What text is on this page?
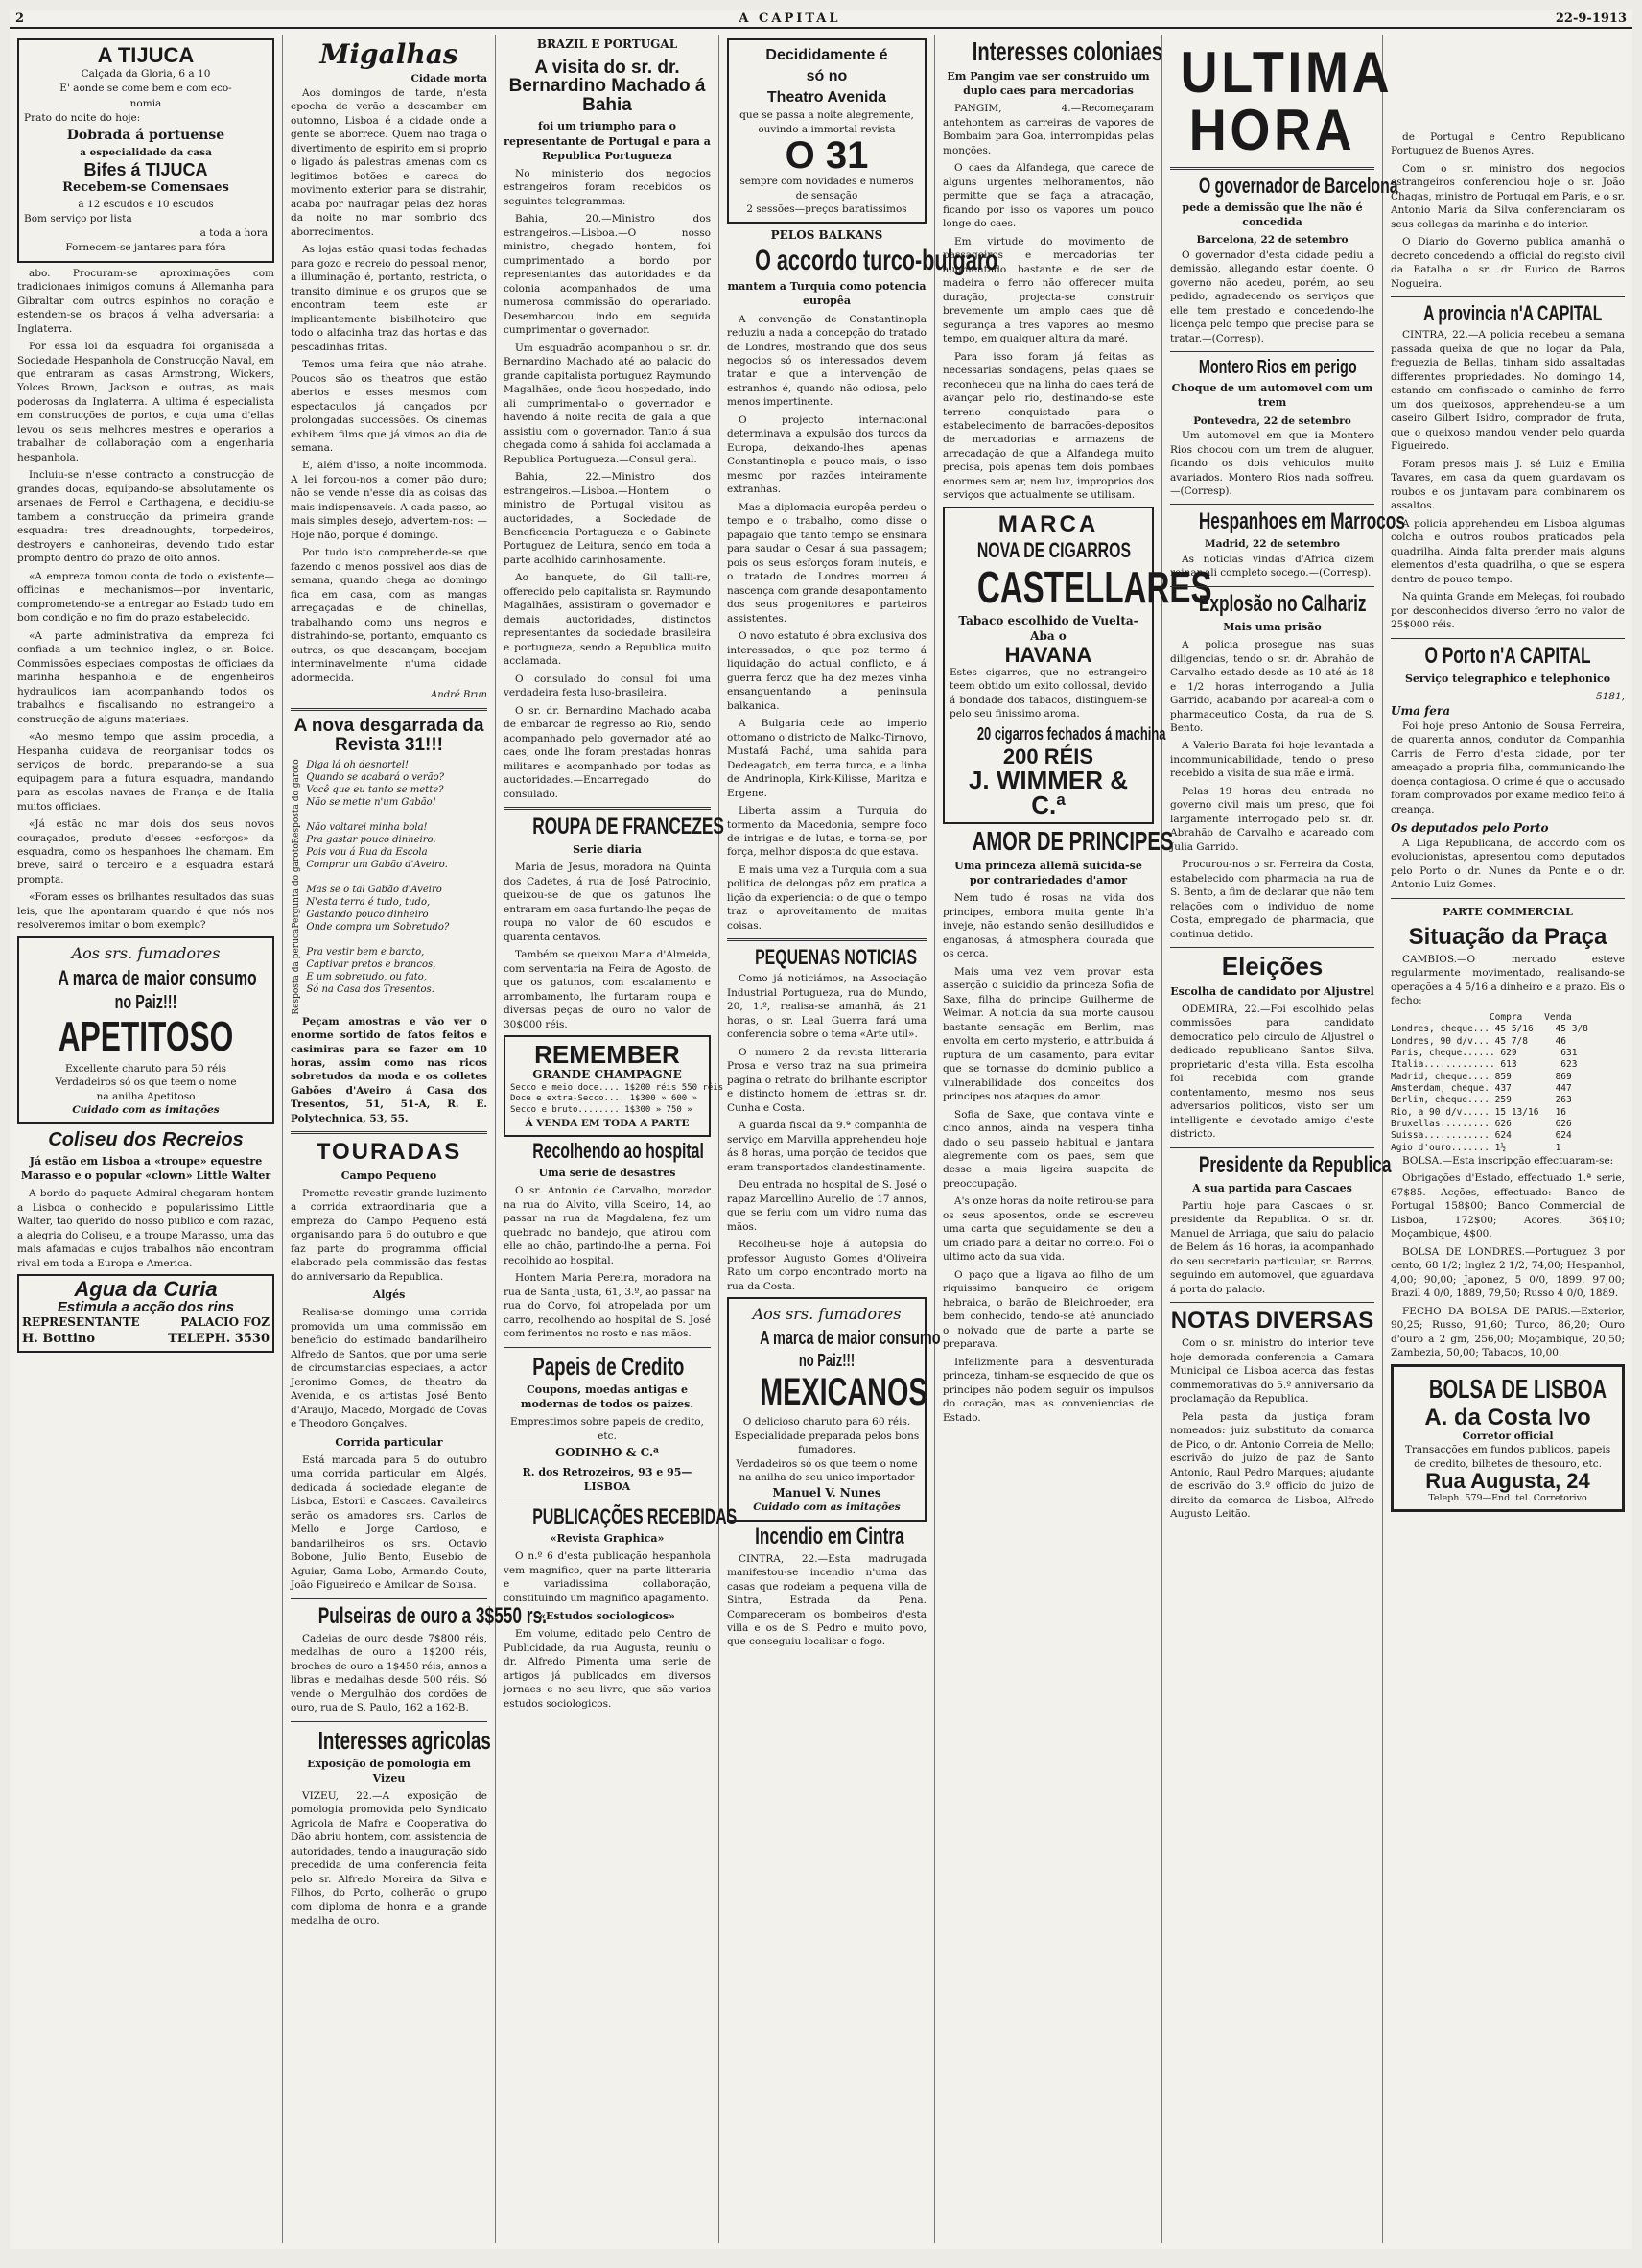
2	A CAPITAL	22-9-1913
A TIJUCA
Calçada da Gloria, 6 a 10
E' aonde se come bem e com eco-
nomia
Prato do noite do hoje:
Dobrada á portuense
a especialidade da casa
Bifes á TIJUCA
Recebem-se Comensaes
a 12 escudos e 10 escudos
Bom serviço por lista
a toda a hora
Fornecem-se jantares para fóra

abo. Procuram-se aproximações com tradicionaes inimigos comuns á Allemanha para Gibraltar com outros espinhos no coração e estendem-se os braços á velha adversaria: a Inglaterra.

Por essa loi da esquadra foi organisada a Sociedade Hespanhola de Construcção Naval, em que entraram as casas Armstrong, Wickers, Yolces Brown, Jackson e outras, as mais poderosas da Inglaterra. A ultima é especialista em construcções de portos, e cuja uma d'ellas levou os seus melhores mestres e operarios a trabalhar de collaboração com a engenharia hespanhola.

Incluiu-se n'esse contracto a construcção de grandes docas, equipando-se absolutamente os arsenaes de Ferrol e Carthagena, e decidiu-se tambem a construcção da primeira grande esquadra: tres dreadnoughts, torpedeiros, destroyers e canhoneiras, devendo tudo estar prompto dentro do prazo de oito annos.

«A empreza tomou conta de todo o existente—officinas e mechanismos—por inventario, comprometendo-se a entregar ao Estado tudo em bom condição e no fim do prazo estabelecido.

«A parte administrativa da empreza foi confiada a um technico inglez, o sr. Boice. Commissões especiaes compostas de officiaes da marinha hespanhola e de engenheiros hydraulicos iam acompanhando todos os trabalhos e fiscalisando no estrangeiro a construcção de alguns materiaes.

«Ao mesmo tempo que assim procedia, a Hespanha cuidava de reorganisar todos os serviços de bordo, preparando-se a sua equipagem para a futura esquadra, mandando para as escolas navaes de França e de Italia muitos officiaes.

«Já estão no mar dois dos seus novos couraçados, produto d'esses «esforços» da esquadra, como os hespanhoes lhe chamam. Em breve, sairá o terceiro e a esquadra estará prompta.

«Foram esses os brilhantes resultados das suas leis, que lhe apontaram quando é que nós nos resolveremos imitar o bom exemplo?

Aos srs. fumadores
A marca de maior consumo
no Paiz!!!
APETITOSO
Excellente charuto para 50 réis
Verdadeiros só os que teem o nome
na anilha Apetitoso
Cuidado com as imitações
Coliseu dos Recreios
Já estão em Lisboa a «troupe» equestre Marasso e o popular «clown» Little Walter

A bordo do paquete Admiral chegaram hontem a Lisboa o conhecido e popularissimo Little Walter, tão querido do nosso publico e com razão, a alegria do Coliseu, e a troupe Marasso, uma das mais afamadas e cujos trabalhos não encontram rival em toda a Europa e America.

Agua da Curia
Estimula a acção dos rins
REPRESENTANTE	PALACIO FOZ
H. Bottino	TELEPH. 3530
Migalhas
Cidade morta

Aos domingos de tarde, n'esta epocha de verão a descambar em outomno, Lisboa é a cidade onde a gente se aborrece. Quem não traga o divertimento de espirito em si proprio o ligado ás palestras amenas com os legitimos botões e careca do movimento exterior para se distrahir, acaba por naufragar pelas dez horas da noite no mar sombrio dos aborrecimentos.

As lojas estão quasi todas fechadas para gozo e recreio do pessoal menor, a illuminação é, portanto, restricta, o transito diminue e os grupos que se encontram teem este ar implicantemente bisbilhoteiro que todo o alfacinha traz das hortas e das pescadinhas fritas.

Temos uma feira que não atrahe. Poucos são os theatros que estão abertos e esses mesmos com espectaculos já cançados por prolongadas successões. Os cinemas exhibem films que já vimos ao dia de semana.

E, além d'isso, a noite incommoda. A lei forçou-nos a comer pão duro; não se vende n'esse dia as coisas das mais indispensaveis. A cada passo, ao mais simples desejo, advertem-nos: — Hoje não, porque é domingo.

Por tudo isto comprehende-se que fazendo o menos possivel aos dias de semana, quando chega ao domingo fica em casa, com as mangas arregaçadas e de chinellas, trabalhando como uns negros e distrahindo-se, portanto, emquanto os outros, os que descançam, bocejam interminavelmente n'uma cidade adormecida.

André Brun
A nova desgarrada da Revista 31!!!
Resposta da peruca
Pergunta do garoto
Resposta do garoto Diga lá oh desnortel!
Quando se acabará o verão?
Você que eu tanto se mette?
Não se mette n'um Gabão!

Não voltarei minha bola!
Pra gastar pouco dinheiro.
Pois vou á Rua da Escola
Comprar um Gabão d'Aveiro.

Mas se o tal Gabão d'Aveiro
N'esta terra é tudo, tudo,
Gastando pouco dinheiro
Onde compra um Sobretudo?

Pra vestir bem e barato,
Captivar pretos e brancos,
E um sobretudo, ou fato,
Só na Casa dos Tresentos.

Peçam amostras e vão ver o enorme sortido de fatos feitos e casimiras para se fazer em 10 horas, assim como nas ricos sobretudos da moda e os colletes Gabões d'Aveiro á Casa dos Tresentos, 51, 51-A, R. E. Polytechnica, 53, 55.

TOURADAS
Campo Pequeno

Promette revestir grande luzimento a corrida extraordinaria que a empreza do Campo Pequeno está organisando para 6 do outubro e que faz parte do programma official elaborado pela commissão das festas do anniversario da Republica.

Algés

Realisa-se domingo uma corrida promovida um uma commissão em beneficio do estimado bandarilheiro Alfredo de Santos, que por uma serie de circumstancias especiaes, a actor Jeronimo Gomes, de theatro da Avenida, e os artistas José Bento d'Araujo, Macedo, Morgado de Covas e Theodoro Gonçalves.

Corrida particular

Está marcada para 5 do outubro uma corrida particular em Algés, dedicada á sociedade elegante de Lisboa, Estoril e Cascaes. Cavalleiros serão os amadores srs. Carlos de Mello e Jorge Cardoso, e bandarilheiros os srs. Octavio Bobone, Julio Bento, Eusebio de Aguiar, Gama Lobo, Armando Couto, João Figueiredo e Amilcar de Sousa.

Pulseiras de ouro a 3$550 rs.

Cadeias de ouro desde 7$800 réis, medalhas de ouro a 1$200 réis, broches de ouro a 1$450 réis, annos a libras e medalhas desde 500 réis. Só vende o Mergulhão dos cordões de ouro, rua de S. Paulo, 162 a 162-B.

Interesses agricolas
Exposição de pomologia em Vizeu

VIZEU, 22.—A exposição de pomologia promovida pelo Syndicato Agricola de Mafra e Cooperativa do Dão abriu hontem, com assistencia de autoridades, tendo a inauguração sido precedida de uma conferencia feita pelo sr. Alfredo Moreira da Silva e Filhos, do Porto, colherão o grupo com diploma de honra e a grande medalha de ouro.

BRAZIL E PORTUGAL
A visita do sr. dr. Bernardino Machado á Bahia
foi um triumpho para o representante de Portugal e para a Republica Portugueza

No ministerio dos negocios estrangeiros foram recebidos os seguintes telegrammas:

Bahia, 20.—Ministro dos estrangeiros.—Lisboa.—O nosso ministro, chegado hontem, foi cumprimentado a bordo por representantes das autoridades e da colonia acompanhados de uma numerosa commissão do operariado. Desembarcou, indo em seguida cumprimentar o governador.

Um esquadrão acompanhou o sr. dr. Bernardino Machado até ao palacio do grande capitalista portuguez Raymundo Magalhães, onde ficou hospedado, indo ali cumprimental-o o governador e havendo á noite recita de gala a que assistiu com o governador. Tanto á sua chegada como á sahida foi acclamada a Republica Portugueza.—Consul geral.

Bahia, 22.—Ministro dos estrangeiros.—Lisboa.—Hontem o ministro de Portugal visitou as auctoridades, a Sociedade de Beneficencia Portugueza e o Gabinete Portuguez de Leitura, sendo em toda a parte acolhido carinhosamente.

Ao banquete, do Gil talli-re, offerecido pelo capitalista sr. Raymundo Magalhães, assistiram o governador e demais auctoridades, distinctos representantes da sociedade brasileira e portugueza, sendo a Republica muito acclamada.

O consulado do consul foi uma verdadeira festa luso-brasileira.

O sr. dr. Bernardino Machado acaba de embarcar de regresso ao Rio, sendo acompanhado pelo governador até ao caes, onde lhe foram prestadas honras militares e acompanhado por todas as auctoridades.—Encarregado do consulado.

ROUPA DE FRANCEZES
Serie diaria

Maria de Jesus, moradora na Quinta dos Cadetes, á rua de José Patrocinio, queixou-se de que os gatunos lhe entraram em casa furtando-lhe peças de roupa no valor de 60 escudos e quarenta centavos.

Também se queixou Maria d'Almeida, com serventaria na Feira de Agosto, de que os gatunos, com escalamento e arrombamento, lhe furtaram roupa e diversas peças de ouro no valor de 30$000 réis.

REMEMBER
GRANDE CHAMPAGNE
Secco e meio doce.... 1$200 réis 550 réis
Doce e extra-Secco.... 1$300 » 600 »
Secco e bruto........ 1$300 » 750 »
Á VENDA EM TODA A PARTE
Recolhendo ao hospital
Uma serie de desastres

O sr. Antonio de Carvalho, morador na rua do Alvito, villa Soeiro, 14, ao passar na rua da Magdalena, fez um quebrado no bandejo, que atirou com elle ao chão, partindo-lhe a perna. Foi recolhido ao hospital.

Hontem Maria Pereira, moradora na rua de Santa Justa, 61, 3.º, ao passar na rua do Corvo, foi atropelada por um carro, recolhendo ao hospital de S. José com ferimentos no rosto e nas mãos.

Papeis de Credito
Coupons, moedas antigas e modernas de todos os paizes.
Emprestimos sobre papeis de credito, etc.
GODINHO & C.ª
R. dos Retrozeiros, 93 e 95—LISBOA
PUBLICAÇÕES RECEBIDAS
«Revista Graphica»

O n.º 6 d'esta publicação hespanhola vem magnifico, quer na parte litteraria e variadissima collaboração, constituindo um magnifico apagamento.

«Estudos sociologicos»

Em volume, editado pelo Centro de Publicidade, da rua Augusta, reuniu o dr. Alfredo Pimenta uma serie de artigos já publicados em diversos jornaes e no seu livro, que são varios estudos sociologicos.

Decididamente é
só no
Theatro Avenida
que se passa a noite alegremente, ouvindo a immortal revista
O 31
sempre com novidades e numeros de sensação
2 sessões—preços baratissimos
PELOS BALKANS
O accordo turco-bulgaro
mantem a Turquia como potencia europêa

A convenção de Constantinopla reduziu a nada a concepção do tratado de Londres, mostrando que dos seus negocios só os interessados devem tratar e que a intervenção de estranhos é, quando não odiosa, pelo menos impertinente.

O projecto internacional determinava a expulsão dos turcos da Europa, deixando-lhes apenas Constantinopla e pouco mais, o isso mesmo por razões inteiramente extranhas.

Mas a diplomacia europêa perdeu o tempo e o trabalho, como disse o papagaio que tanto tempo se ensinara para saudar o Cesar á sua passagem; pois os seus esforços foram inuteis, e o tratado de Londres morreu á nascença com grande desapontamento dos seus progenitores e parteiros assistentes.

O novo estatuto é obra exclusiva dos interessados, o que poz termo á liquidação do actual conflicto, e á guerra feroz que ha dez mezes vinha ensanguentando a peninsula balkanica.

A Bulgaria cede ao imperio ottomano o districto de Malko-Tirnovo, Mustafá Pachá, uma sahida para Dedeagatch, em terra turca, e a linha de Andrinopla, Kirk-Kilisse, Maritza e Ergene.

Liberta assim a Turquia do tormento da Macedonia, sempre foco de intrigas e de lutas, e torna-se, por força, melhor disposta do que estava.

E mais uma vez a Turquia com a sua politica de delongas pôz em pratica a lição da experiencia: o de que o tempo traz o aproveitamento de muitas coisas.

PEQUENAS NOTICIAS

Como já noticiámos, na Associação Industrial Portugueza, rua do Mundo, 20, 1.º, realisa-se amanhã, ás 21 horas, o sr. Leal Guerra fará uma conferencia sobre o tema «Arte util».

O numero 2 da revista litteraria Prosa e verso traz na sua primeira pagina o retrato do brilhante escriptor e distincto homem de lettras sr. dr. Cunha e Costa.

A guarda fiscal da 9.ª companhia de serviço em Marvilla apprehendeu hoje ás 8 horas, uma porção de tecidos que eram transportados clandestinamente.

Deu entrada no hospital de S. José o rapaz Marcellino Aurelio, de 17 annos, que se feriu com um vidro numa das mãos.

Recolheu-se hoje á autopsia do professor Augusto Gomes d'Oliveira Rato um corpo encontrado morto na rua da Costa.

Aos srs. fumadores
A marca de maior consumo
no Paiz!!!
MEXICANOS
O delicioso charuto para 60 réis.
Especialidade preparada pelos bons fumadores.
Verdadeiros só os que teem o nome na anilha do seu unico importador
Manuel V. Nunes
Cuidado com as imitações
Incendio em Cintra

CINTRA, 22.—Esta madrugada manifestou-se incendio n'uma das casas que rodeiam a pequena villa de Sintra, Estrada da Pena. Compareceram os bombeiros d'esta villa e os de S. Pedro e muito povo, que conseguiu localisar o fogo.

Interesses coloniaes
Em Pangim vae ser construido um duplo caes para mercadorias

PANGIM, 4.—Recomeçaram antehontem as carreiras de vapores de Bombaim para Goa, interrompidas pelas monções.

O caes da Alfandega, que carece de alguns urgentes melhoramentos, não permitte que se faça a atracação, ficando por isso os vapores um pouco longe do caes.

Em virtude do movimento de passageiros e mercadorias ter augmentado bastante e de ser de madeira o ferro não offerecer muita duração, projecta-se construir brevemente um amplo caes que dê segurança a tres vapores ao mesmo tempo, em qualquer altura da maré.

Para isso foram já feitas as necessarias sondagens, pelas quaes se reconheceu que na linha do caes terá de avançar pelo rio, destinando-se este terreno conquistado para o estabelecimento de barracões-depositos de mercadorias e armazens de arrecadação de que a Alfandega muito precisa, pois apenas tem dois pombaes enormes sem ar, nem luz, improprios dos serviços que actualmente se utilisam.

MARCA
NOVA DE CIGARROS
CASTELLARES
Tabaco escolhido de Vuelta-Aba o
HAVANA
Estes cigarros, que no estrangeiro teem obtido um exito collossal, devido á bondade dos tabacos, distinguem-se pelo seu finissimo aroma.
20 cigarros fechados á machina
200 RÉIS
J. WIMMER & C.ª
AMOR DE PRINCIPES
Uma princeza allemã suicida-se por contrariedades d'amor

Nem tudo é rosas na vida dos principes, embora muita gente lh'a inveje, não estando senão desilludidos e enganosas, á atmosphera dourada que os cerca.

Mais uma vez vem provar esta asserção o suicidio da princeza Sofia de Saxe, filha do principe Guilherme de Weimar. A noticia da sua morte causou bastante sensação em Berlim, mas envolta em certo mysterio, e attribuida á ruptura de um casamento, para evitar que se tornasse do dominio publico a vulnerabilidade dos conceitos dos principes nos ataques do amor.

Sofia de Saxe, que contava vinte e cinco annos, ainda na vespera tinha dado o seu passeio habitual e jantara alegremente com os paes, sem que desse a mais ligeira suspeita de preoccupação.

A's onze horas da noite retirou-se para os seus aposentos, onde se escreveu uma carta que seguidamente se deu a um criado para a deitar no correio. Foi o ultimo acto da sua vida.

O paço que a ligava ao filho de um riquissimo banqueiro de origem hebraica, o barão de Bleichroeder, era bem conhecido, tendo-se até anunciado o noivado que de parte a parte se preparava.

Infelizmente para a desventurada princeza, tinham-se esquecido de que os principes não podem seguir os impulsos do coração, mas as conveniencias de Estado.

ULTIMA HORA
O governador de Barcelona
pede a demissão que lhe não é concedida
Barcelona, 22 de setembro

O governador d'esta cidade pediu a demissão, allegando estar doente. O governo não acedeu, porém, ao seu pedido, agradecendo os serviços que elle tem prestado e concedendo-lhe licença pelo tempo que precise para se tratar.—(Corresp).

Montero Rios em perigo
Choque de um automovel com um trem
Pontevedra, 22 de setembro

Um automovel em que ia Montero Rios chocou com um trem de aluguer, ficando os dois vehiculos muito avariados. Montero Rios nada soffreu.—(Corresp).

Hespanhoes em Marrocos
Madrid, 22 de setembro

As noticias vindas d'Africa dizem reinar ali completo socego.—(Corresp).

Explosão no Calhariz
Mais uma prisão

A policia prosegue nas suas diligencias, tendo o sr. dr. Abrahão de Carvalho estado desde as 10 até ás 18 e 1/2 horas interrogando a Julia Garrido, acabando por acareal-a com o pharmaceutico Costa, da rua de S. Bento.

A Valerio Barata foi hoje levantada a incommunicabilidade, tendo o preso recebido a visita de sua mãe e irmã.

Pelas 19 horas deu entrada no governo civil mais um preso, que foi largamente interrogado pelo sr. dr. Abrahão de Carvalho e acareado com Julia Garrido.

Procurou-nos o sr. Ferreira da Costa, estabelecido com pharmacia na rua de S. Bento, a fim de declarar que não tem relações com o individuo de nome Costa, empregado de pharmacia, que continua detido.

Eleições
Escolha de candidato por Aljustrel

ODEMIRA, 22.—Foi escolhido pelas commissões para candidato democratico pelo circulo de Aljustrel o dedicado republicano Santos Silva, proprietario d'esta villa. Esta escolha foi recebida com grande contentamento, mesmo nos seus adversarios politicos, visto ser um intelligente e devotado amigo d'este districto.

Presidente da Republica
A sua partida para Cascaes

Partiu hoje para Cascaes o sr. presidente da Republica. O sr. dr. Manuel de Arriaga, que saiu do palacio de Belem ás 16 horas, ia acompanhado do seu secretario particular, sr. Barros, seguindo em automovel, que aguardava á porta do palacio.

NOTAS DIVERSAS

Com o sr. ministro do interior teve hoje demorada conferencia a Camara Municipal de Lisboa acerca das festas commemorativas do 5.º anniversario da proclamação da Republica.

Pela pasta da justiça foram nomeados: juiz substituto da comarca de Pico, o dr. Antonio Correia de Mello; escrivão do juizo de paz de Santo Antonio, Raul Pedro Marques; ajudante de escrivão do 3.º officio do juizo de direito da comarca de Lisboa, Alfredo Augusto Leitão.

de Portugal e Centro Republicano Portuguez de Buenos Ayres.

Com o sr. ministro dos negocios estrangeiros conferenciou hoje o sr. João Chagas, ministro de Portugal em Paris, e o sr. Antonio Maria da Silva conferenciaram os seus collegas da marinha e do interior.

O Diario do Governo publica amanhã o decreto concedendo a official do registo civil da Batalha o sr. dr. Eurico de Barros Nogueira.

A provincia n'A CAPITAL

CINTRA, 22.—A policia recebeu a semana passada queixa de que no logar da Pala, freguezia de Bellas, tinham sido assaltadas differentes propriedades. No domingo 14, estando em confiscado o caminho de ferro um dos queixosos, apprehendeu-se a um caseiro Gilbert Isidro, comprador de fruta, que o queixoso mandou vender pelo guarda Figueiredo.

Foram presos mais J. sé Luiz e Emilia Tavares, em casa da quem guardavam os roubos e os juntavam para combinarem os assaltos.

A policia apprehendeu em Lisboa algumas colcha e outros roubos praticados pela quadrilha. Ainda falta prender mais alguns elementos d'esta quadrilha, o que se espera dentro de pouco tempo.

Na quinta Grande em Meleças, foi roubado por desconhecidos diverso ferro no valor de 25$000 réis.

O Porto n'A CAPITAL
Serviço telegraphico e telephonico
5181,
Uma fera

Foi hoje preso Antonio de Sousa Ferreira, de quarenta annos, condutor da Companhia Carris de Ferro d'esta cidade, por ter ameaçado a propria filha, communicando-lhe doença contagiosa. O crime é que o accusado foram comprovados por exame medico feito á creança.

Os deputados pelo Porto

A Liga Republicana, de accordo com os evolucionistas, apresentou como deputados pelo Porto o dr. Nunes da Ponte e o dr. Antonio Luiz Gomes.

PARTE COMMERCIAL
Situação da Praça

CAMBIOS.—O mercado esteve regularmente movimentado, realisando-se operações a 4 5/16 a dinheiro e a prazo. Eis o fecho:

Compra    Venda
Londres, cheque... 45 5/16    45 3/8
Londres, 90 d/v... 45 7/8     46
Paris, cheque...... 629        631
Italia............. 613        623
Madrid, cheque.... 859        869
Amsterdam, cheque. 437        447
Berlim, cheque.... 259        263
Rio, a 90 d/v..... 15 13/16   16
Bruxellas......... 626        626
Suissa............ 624        624
Agio d'ouro....... 1½         1

BOLSA.—Esta inscripção effectuaram-se:

Obrigações d'Estado, effectuado 1.ª serie, 67$85. Acções, effectuado: Banco de Portugal 158$00; Banco Commercial de Lisboa, 172$00; Acores, 36$10; Moçambique, 4$00.

BOLSA DE LONDRES.—Portuguez 3 por cento, 68 1/2; Inglez 2 1/2, 74,00; Hespanhol, 4,00; 90,00; Japonez, 5 0/0, 1899, 97,00; Brazil 4 0/0, 1889, 79,50; Russo 4 0/0, 1889.

FECHO DA BOLSA DE PARIS.—Exterior, 90,25; Russo, 91,60; Turco, 86,20; Ouro d'ouro a 2 gm, 256,00; Moçambique, 20,50; Zambezia, 50,00; Tabacos, 10,00.

BOLSA DE LISBOA
A. da Costa Ivo
Corretor official
Transacções em fundos publicos, papeis de credito, bilhetes de thesouro, etc.
Rua Augusta, 24
Teleph. 579—End. tel. Corretorivo
